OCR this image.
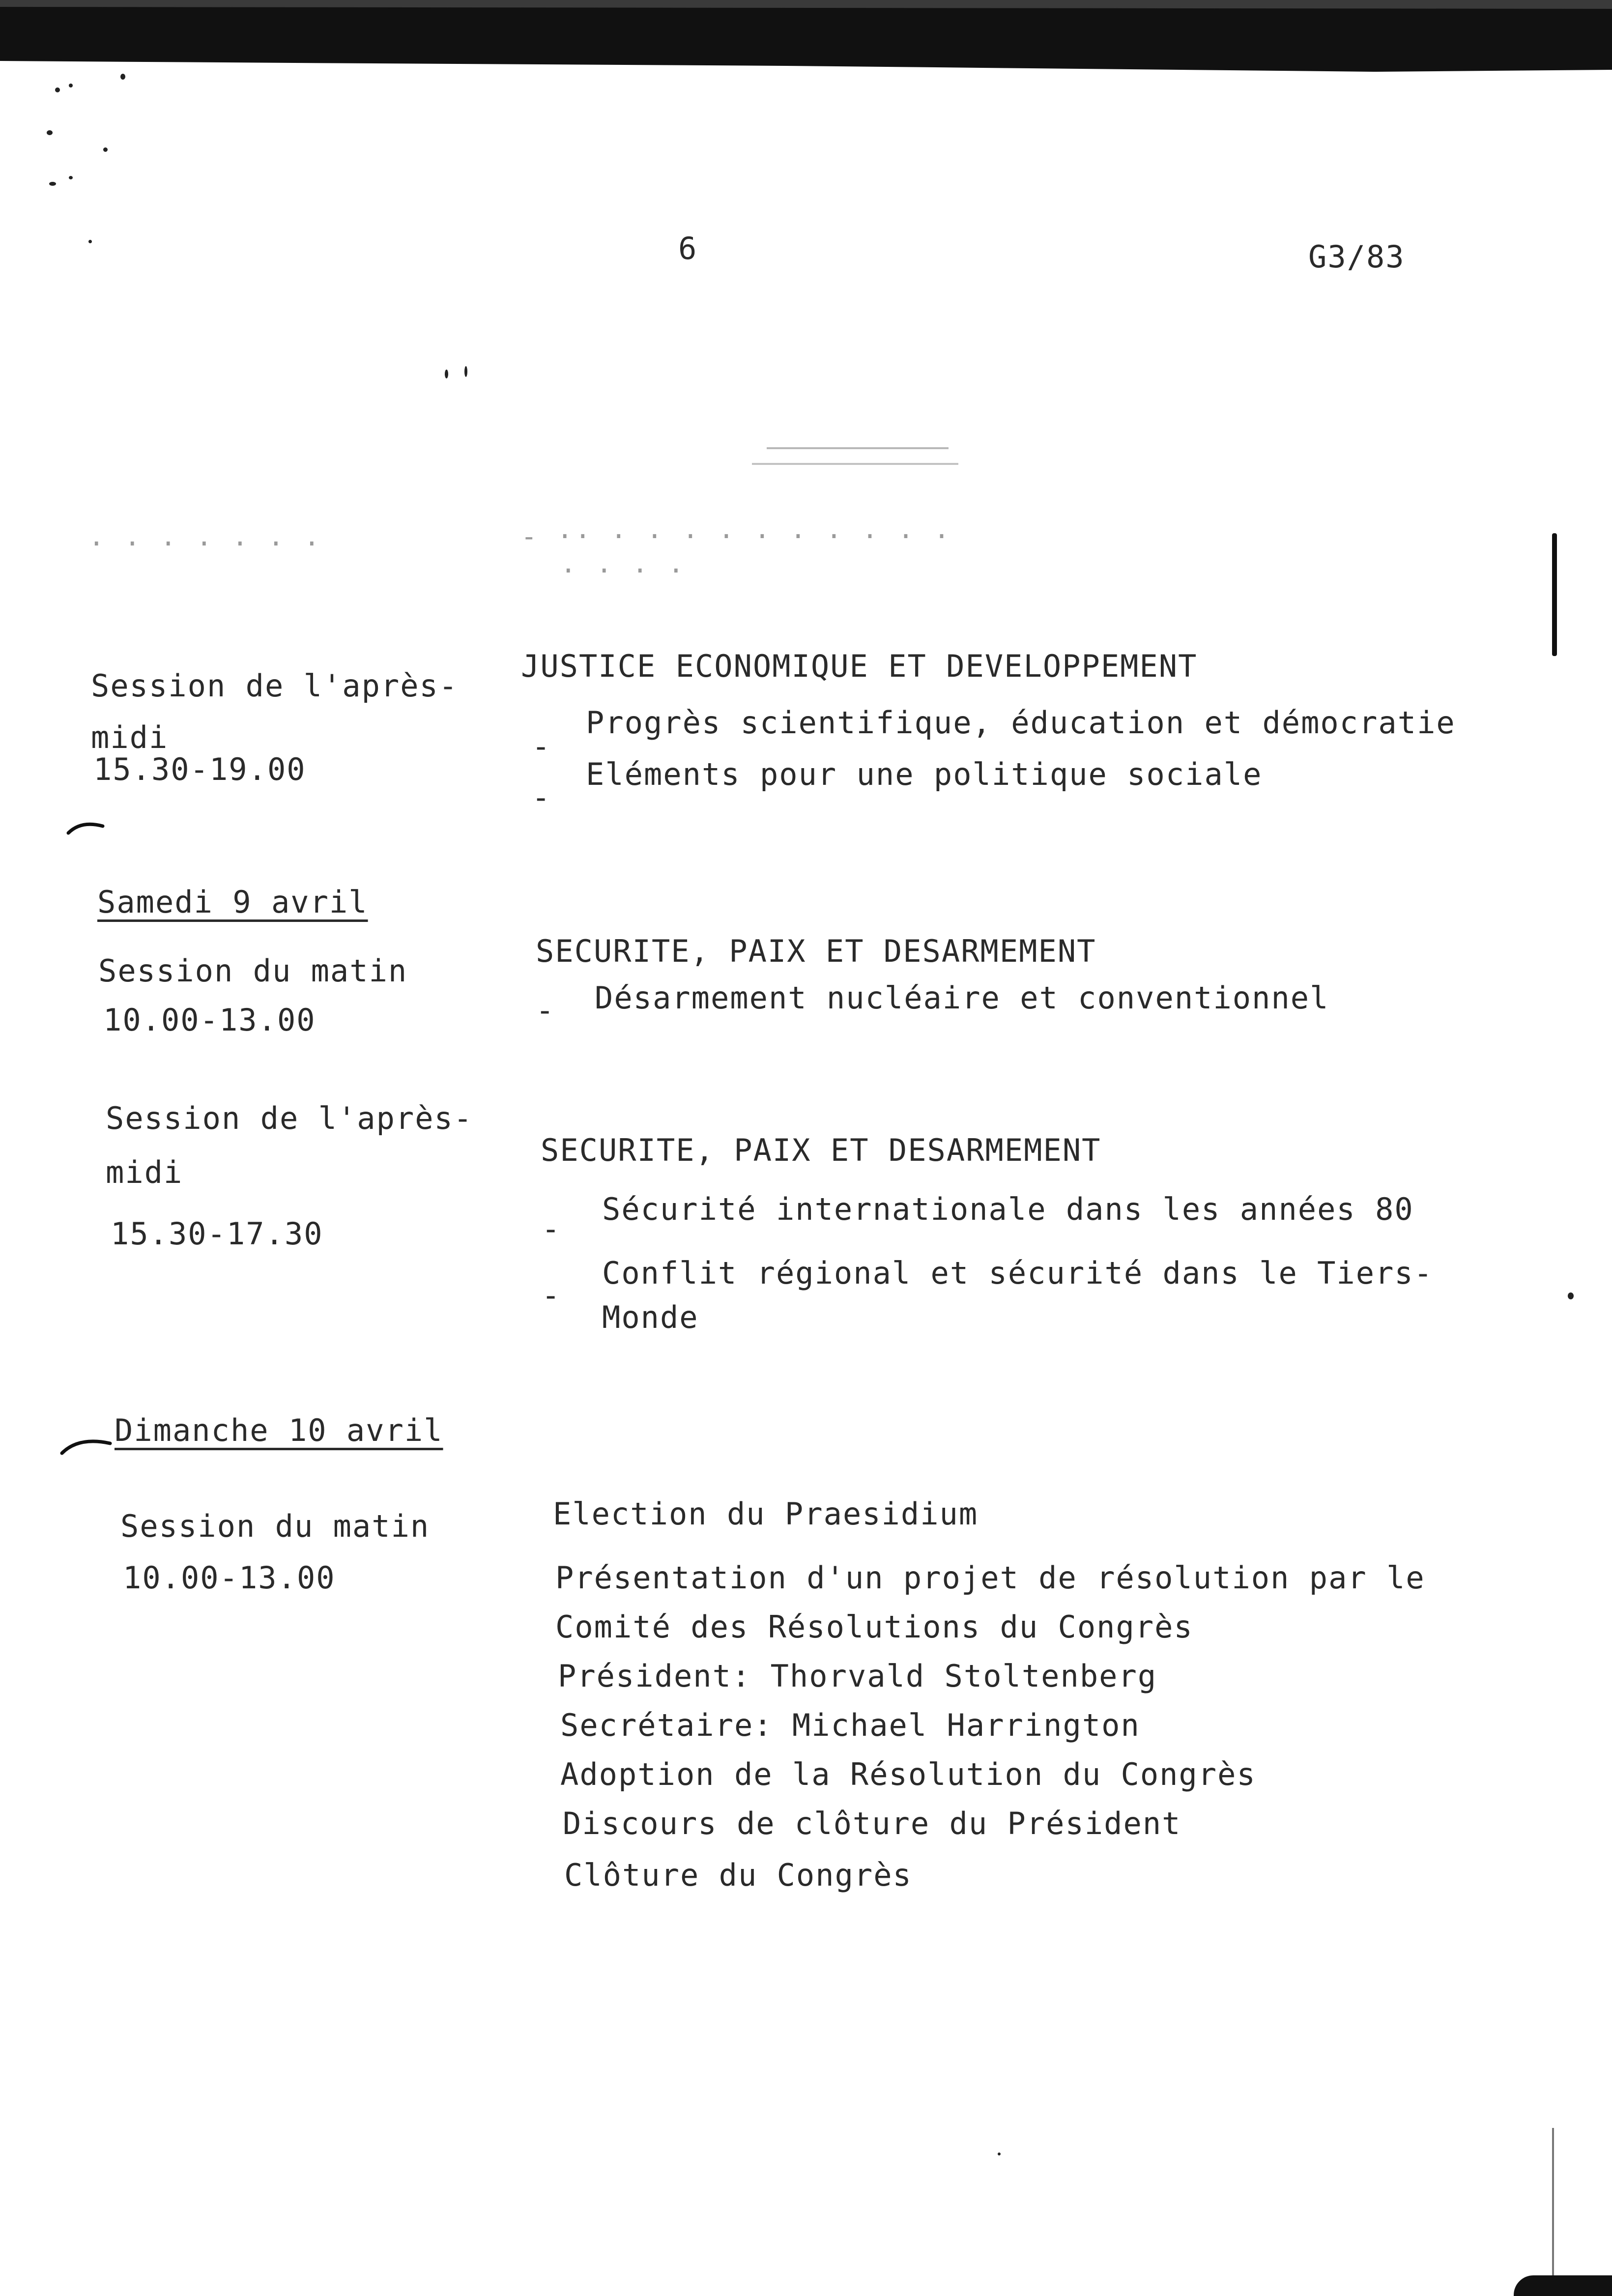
6	G3/83
· · · · · · ·	- ·· · · · · · · · · · ·
· · · ·
Session de l'après-
midi
15.30-19.00
JUSTICE ECONOMIQUE ET DEVELOPPEMENT
-
Progrès scientifique, éducation et démocratie
-
Eléments pour une politique sociale
Samedi 9 avril
Session du matin
10.00-13.00
SECURITE, PAIX ET DESARMEMENT
- Désarmement nucléaire et conventionnel
Session de l'après-
midi
15.30-17.30
SECURITE, PAIX ET DESARMEMENT
-
Sécurité internationale dans les années 80
-
Conflit régional et sécurité dans le Tiers-
Monde
Dimanche 10 avril
Session du matin
10.00-13.00
Election du Praesidium
Présentation d'un projet de résolution par le
Comité des Résolutions du Congrès
Président: Thorvald Stoltenberg
Secrétaire: Michael Harrington
Adoption de la Résolution du Congrès
Discours de clôture du Président
Clôture du Congrès
